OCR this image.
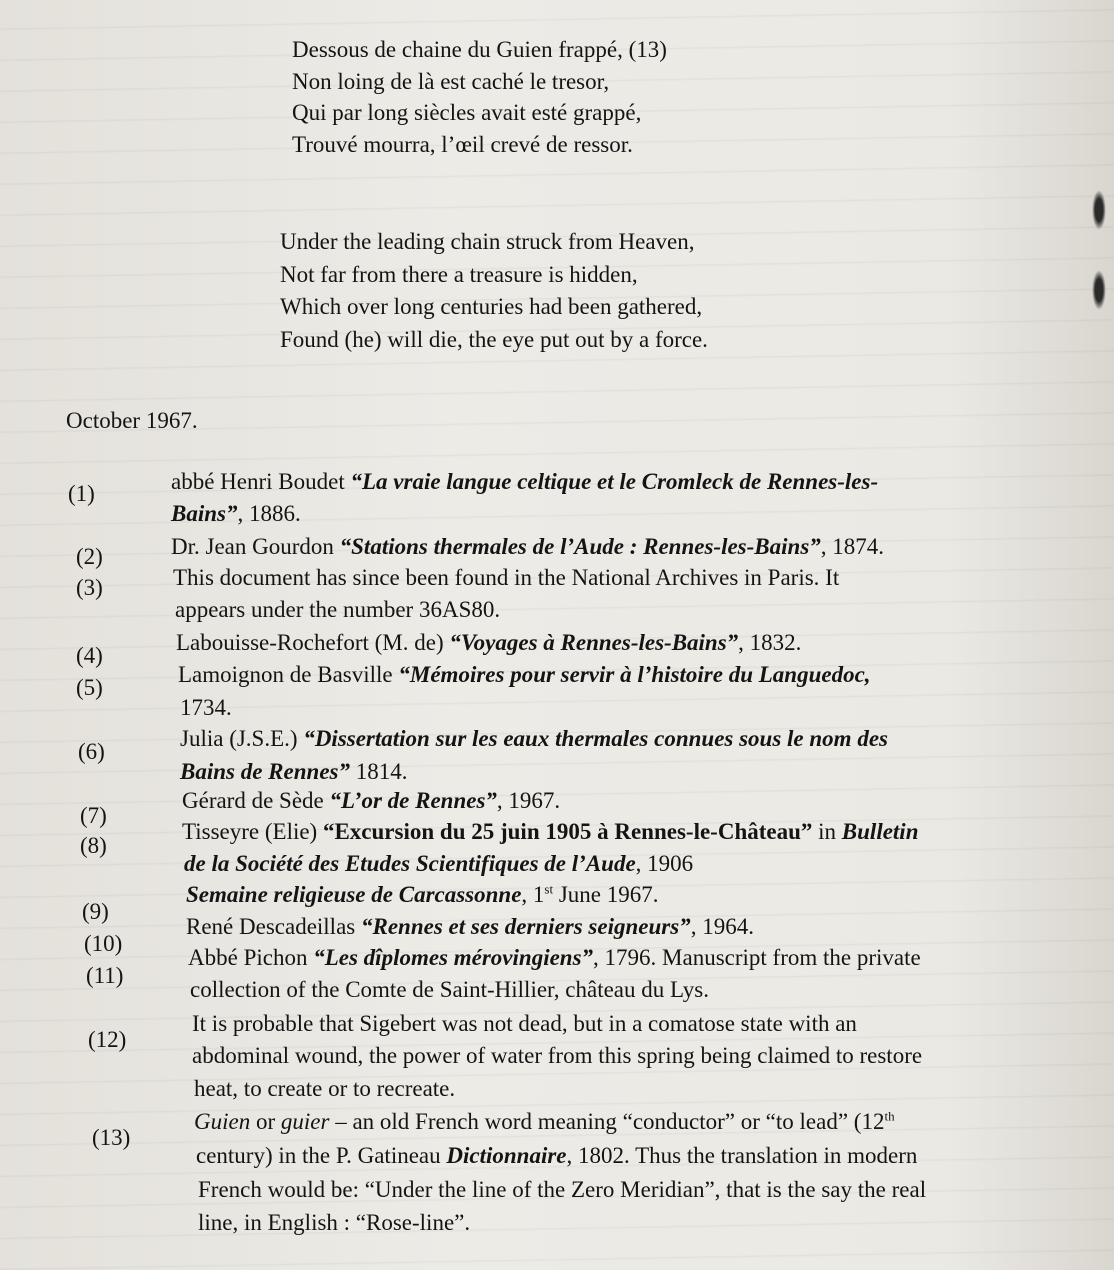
Dessous de chaine du Guien frappé, (13)
Non loing de là est caché le tresor,
Qui par long siècles avait esté grappé,
Trouvé mourra, l’œil crevé de ressor.
Under the leading chain struck from Heaven,
Not far from there a treasure is hidden,
Which over long centuries had been gathered,
Found (he) will die, the eye put out by a force.
October 1967.
(1)	abbé Henri Boudet “La vraie langue celtique et le Cromleck de Rennes-les-
Bains”, 1886.
(2)	Dr. Jean Gourdon “Stations thermales de l’Aude : Rennes-les-Bains”, 1874.
(3)	This document has since been found in the National Archives in Paris. It
appears under the number 36AS80.
(4)
Labouisse-Rochefort (M. de) “Voyages à Rennes-les-Bains”, 1832.
(5)
Lamoignon de Basville “Mémoires pour servir à l’histoire du Languedoc,
1734.
(6)
Julia (J.S.E.) “Dissertation sur les eaux thermales connues sous le nom des
Bains de Rennes” 1814.
(7)
Gérard de Sède “L’or de Rennes”, 1967.
(8)
Tisseyre (Elie) “Excursion du 25 juin 1905 à Rennes-le-Château” in Bulletin
de la Société des Etudes Scientifiques de l’Aude, 1906
(9)
Semaine religieuse de Carcassonne, 1st June 1967.
(10)
René Descadeillas “Rennes et ses derniers seigneurs”, 1964.
(11)
Abbé Pichon “Les dîplomes mérovingiens”, 1796. Manuscript from the private
collection of the Comte de Saint-Hillier, château du Lys.
(12)
It is probable that Sigebert was not dead, but in a comatose state with an
abdominal wound, the power of water from this spring being claimed to restore
heat, to create or to recreate.
(13)
Guien or guier – an old French word meaning “conductor” or “to lead” (12th
century) in the P. Gatineau Dictionnaire, 1802. Thus the translation in modern
French would be: “Under the line of the Zero Meridian”, that is the say the real
line, in English : “Rose-line”.
